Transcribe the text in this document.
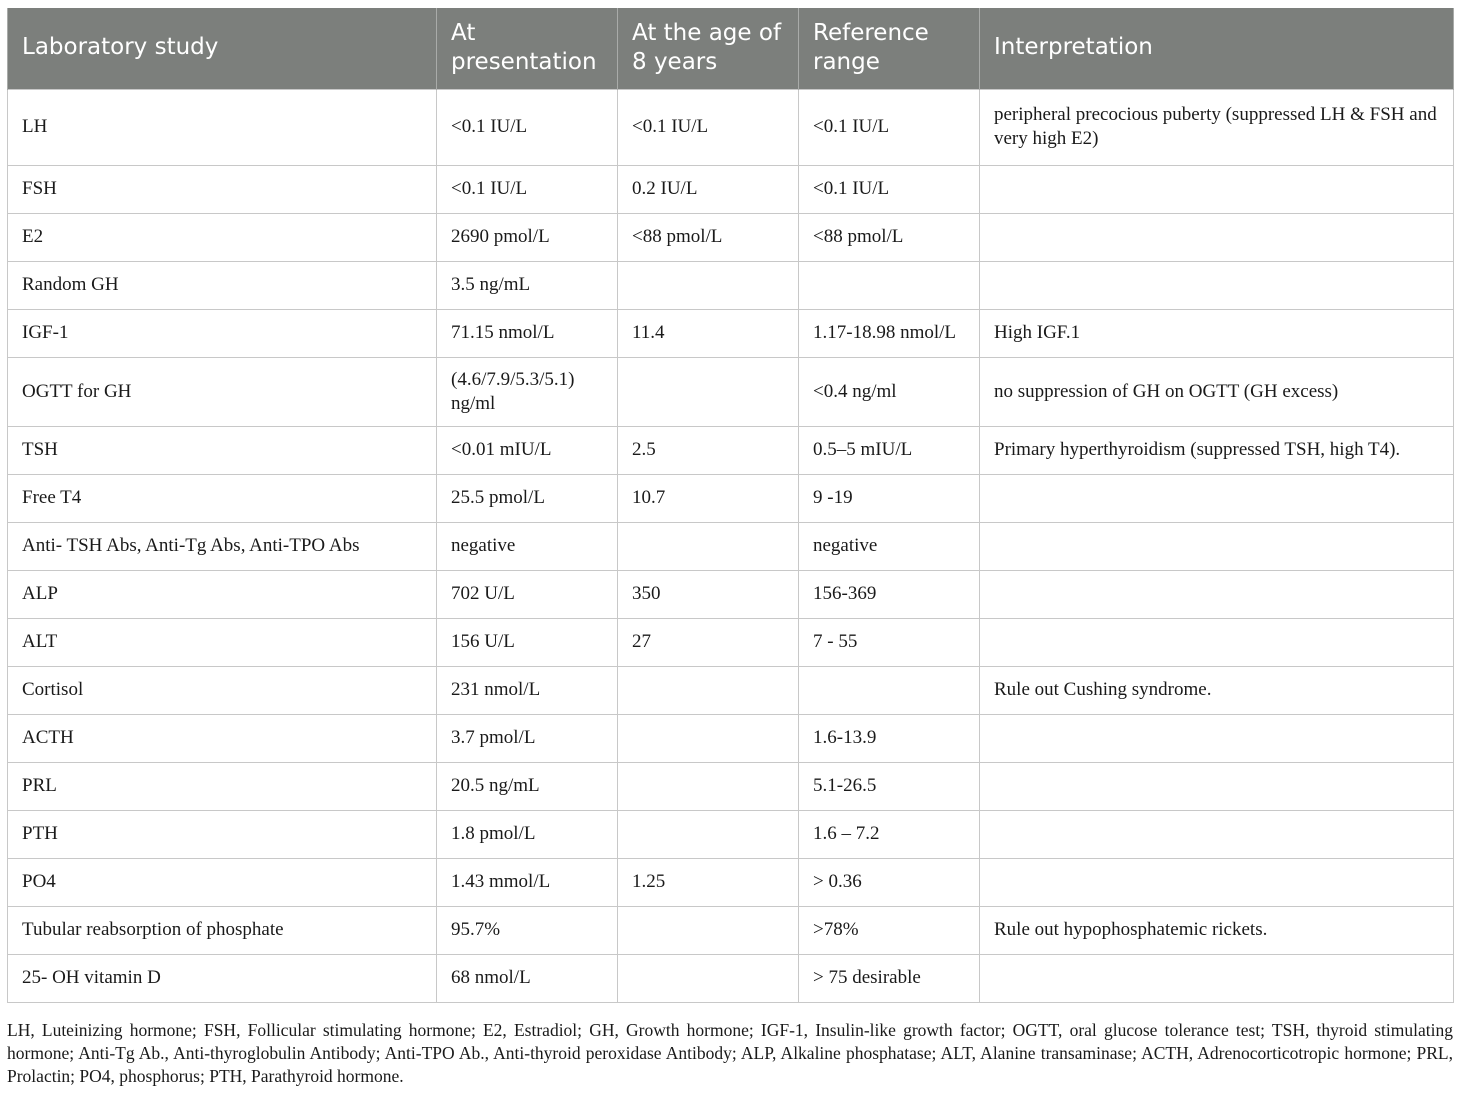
Laboratory study	At presentation	At the age of 8 years	Reference range	Interpretation
LH	<0.1 IU/L	<0.1 IU/L	<0.1 IU/L	peripheral precocious puberty (suppressed LH & FSH and very high E2)
FSH	<0.1 IU/L	0.2 IU/L	<0.1 IU/L	
E2	2690 pmol/L	<88 pmol/L	<88 pmol/L	
Random GH	3.5 ng/mL			
IGF-1	71.15 nmol/L	11.4	1.17-18.98 nmol/L	High IGF.1
OGTT for GH	(4.6/7.9/5.3/5.1) ng/ml		<0.4 ng/ml	no suppression of GH on OGTT (GH excess)
TSH	<0.01 mIU/L	2.5	0.5–5 mIU/L	Primary hyperthyroidism (suppressed TSH, high T4).
Free T4	25.5 pmol/L	10.7	9 -19	
Anti- TSH Abs, Anti-Tg Abs, Anti-TPO Abs	negative		negative	
ALP	702 U/L	350	156-369	
ALT	156 U/L	27	7 - 55	
Cortisol	231 nmol/L			Rule out Cushing syndrome.
ACTH	3.7 pmol/L		1.6-13.9	
PRL	20.5 ng/mL		5.1-26.5	
PTH	1.8 pmol/L		1.6 – 7.2	
PO4	1.43 mmol/L	1.25	> 0.36	
Tubular reabsorption of phosphate	95.7%		>78%	Rule out hypophosphatemic rickets.
25- OH vitamin D	68 nmol/L		> 75 desirable	

LH, Luteinizing hormone; FSH, Follicular stimulating hormone; E2, Estradiol; GH, Growth hormone; IGF-1, Insulin-like growth factor; OGTT, oral glucose tolerance test; TSH, thyroid stimulating hormone; Anti-Tg Ab., Anti-thyroglobulin Antibody; Anti-TPO Ab., Anti-thyroid peroxidase Antibody; ALP, Alkaline phosphatase; ALT, Alanine transaminase; ACTH, Adrenocorticotropic hormone; PRL, Prolactin; PO4, phosphorus; PTH, Parathyroid hormone.
